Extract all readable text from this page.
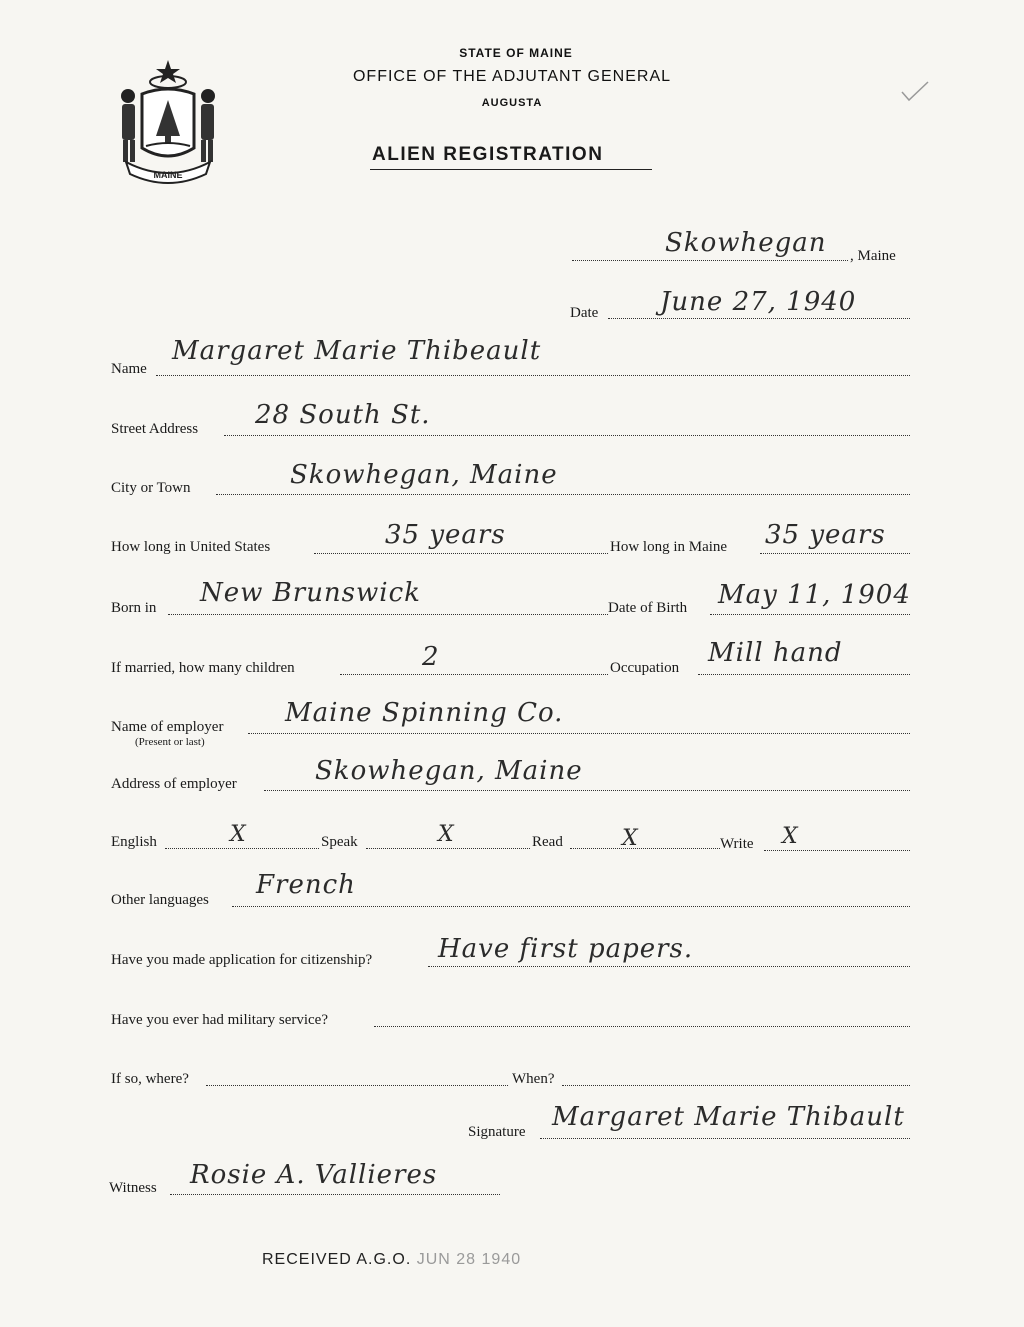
MAINE
STATE OF MAINE
OFFICE OF THE ADJUTANT GENERAL
AUGUSTA
ALIEN REGISTRATION
Skowhegan , Maine
Date June 27, 1940
Name
Margaret Marie Thibeault
Street Address 28 South St.
City or Town	Skowhegan, Maine
How long in United States	35 years	How long in Maine 35 years
Born in New Brunswick	Date of Birth May 11, 1904
If married, how many children	2	Occupation Mill hand
Name of employer
(Present or last)
Maine Spinning Co.
Address of employer	Skowhegan, Maine
English	X	Speak	X	Read	X	Write X
Other languages French
Have you made application for citizenship?	Have first papers.
Have you ever had military service?
If so, where?	When?
Signature Margaret Marie Thibault
Witness Rosie A. Vallieres
RECEIVED A.G.O. JUN 28 1940
